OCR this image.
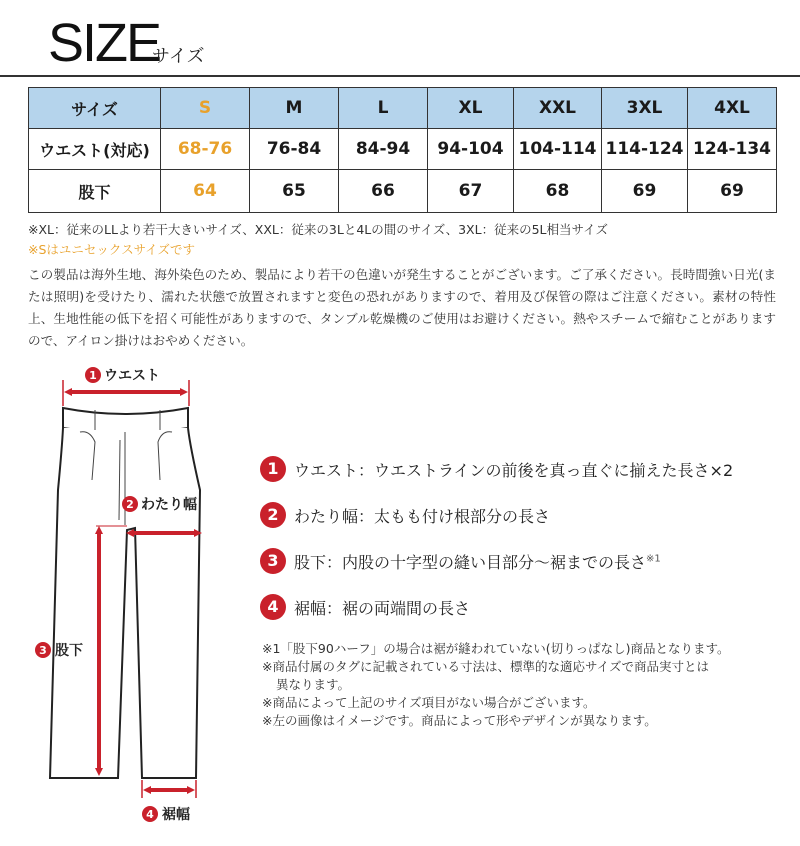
SIZE
サイズ
サイズ	S	M	L	XL	XXL	3XL	4XL
ウエスト(対応)	68-76	76-84	84-94	94-104	104-114	114-124	124-134
股下	64	65	66	67	68	69	69
※XL：従来のLLより若干大きいサイズ、XXL：従来の3Lと4Lの間のサイズ、3XL：従来の5L相当サイズ
※Sはユニセックスサイズです
この製品は海外生地、海外染色のため、製品により若干の色違いが発生することがございます。ご了承ください。長時間強い日光(または照明)を受けたり、濡れた状態で放置されますと変色の恐れがありますので、着用及び保管の際はご注意ください。素材の特性上、生地性能の低下を招く可能性がありますので、タンブル乾燥機のご使用はお避けください。熱やスチームで縮むことがありますので、アイロン掛けはおやめください。
1 ウエスト
2 わたり幅
3 股下
4 裾幅
1 ウエスト：ウエストラインの前後を真っ直ぐに揃えた長さ×2
2 わたり幅：太もも付け根部分の長さ
3 股下：内股の十字型の縫い目部分～裾までの長さ$^{※1}$
4 裾幅：裾の両端間の長さ
※1「股下90ハーフ」の場合は裾が縫われていない(切りっぱなし)商品となります。
※商品付属のタグに記載されている寸法は、標準的な適応サイズで商品実寸とは
異なります。
※商品によって上記のサイズ項目がない場合がございます。
※左の画像はイメージです。商品によって形やデザインが異なります。
